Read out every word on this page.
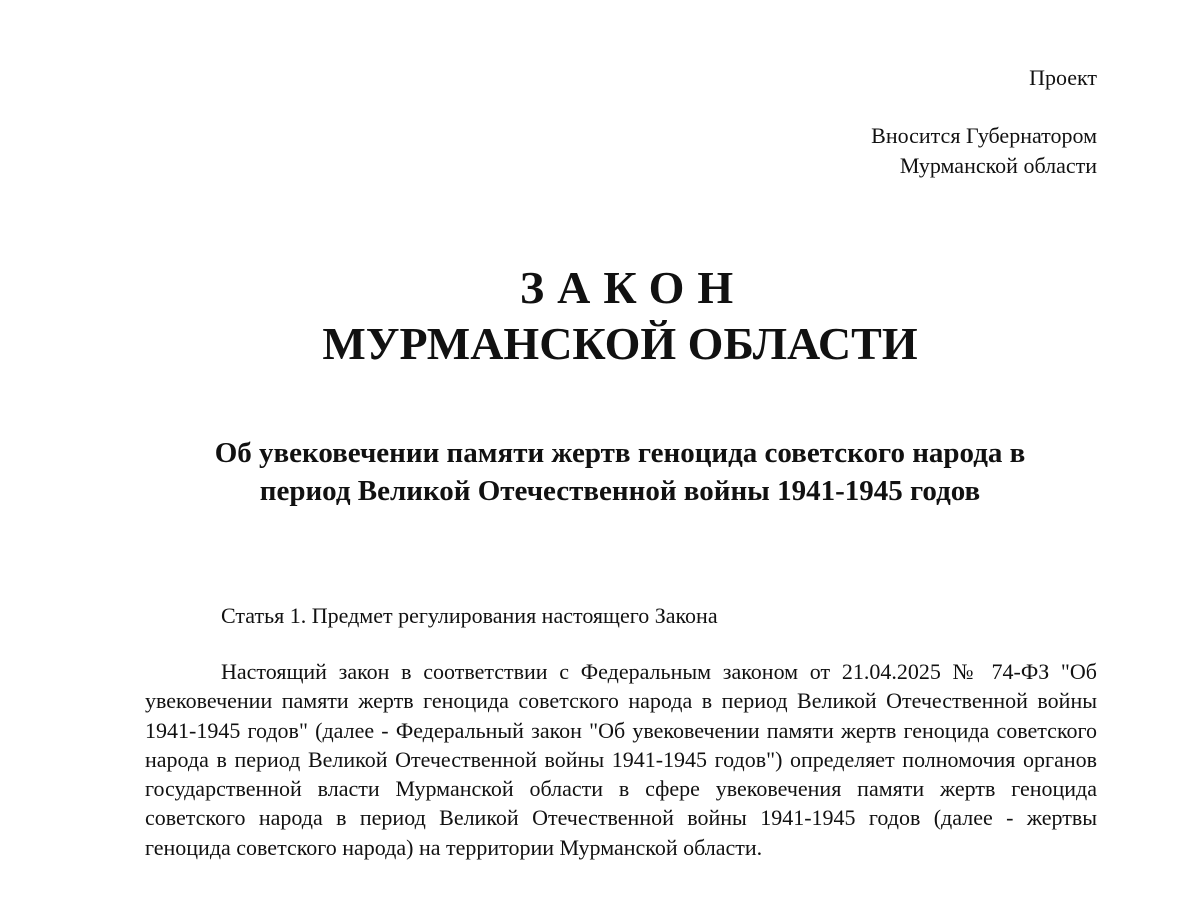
Проект
Вносится Губернатором
Мурманской области
ЗАКОН
МУРМАНСКОЙ ОБЛАСТИ
Об увековечении памяти жертв геноцида советского народа в
период Великой Отечественной войны 1941-1945 годов
Статья 1. Предмет регулирования настоящего Закона

Настоящий закон в соответствии с Федеральным законом от 21.04.2025 № 74-ФЗ "Об увековечении памяти жертв геноцида советского народа в период Великой Отечественной войны 1941-1945 годов" (далее - Федеральный закон "Об увековечении памяти жертв геноцида советского народа в период Великой Отечественной войны 1941-1945 годов") определяет полномочия органов государственной власти Мурманской области в сфере увековечения памяти жертв геноцида советского народа в период Великой Отечественной войны 1941-1945 годов (далее - жертвы геноцида советского народа) на территории Мурманской области.
